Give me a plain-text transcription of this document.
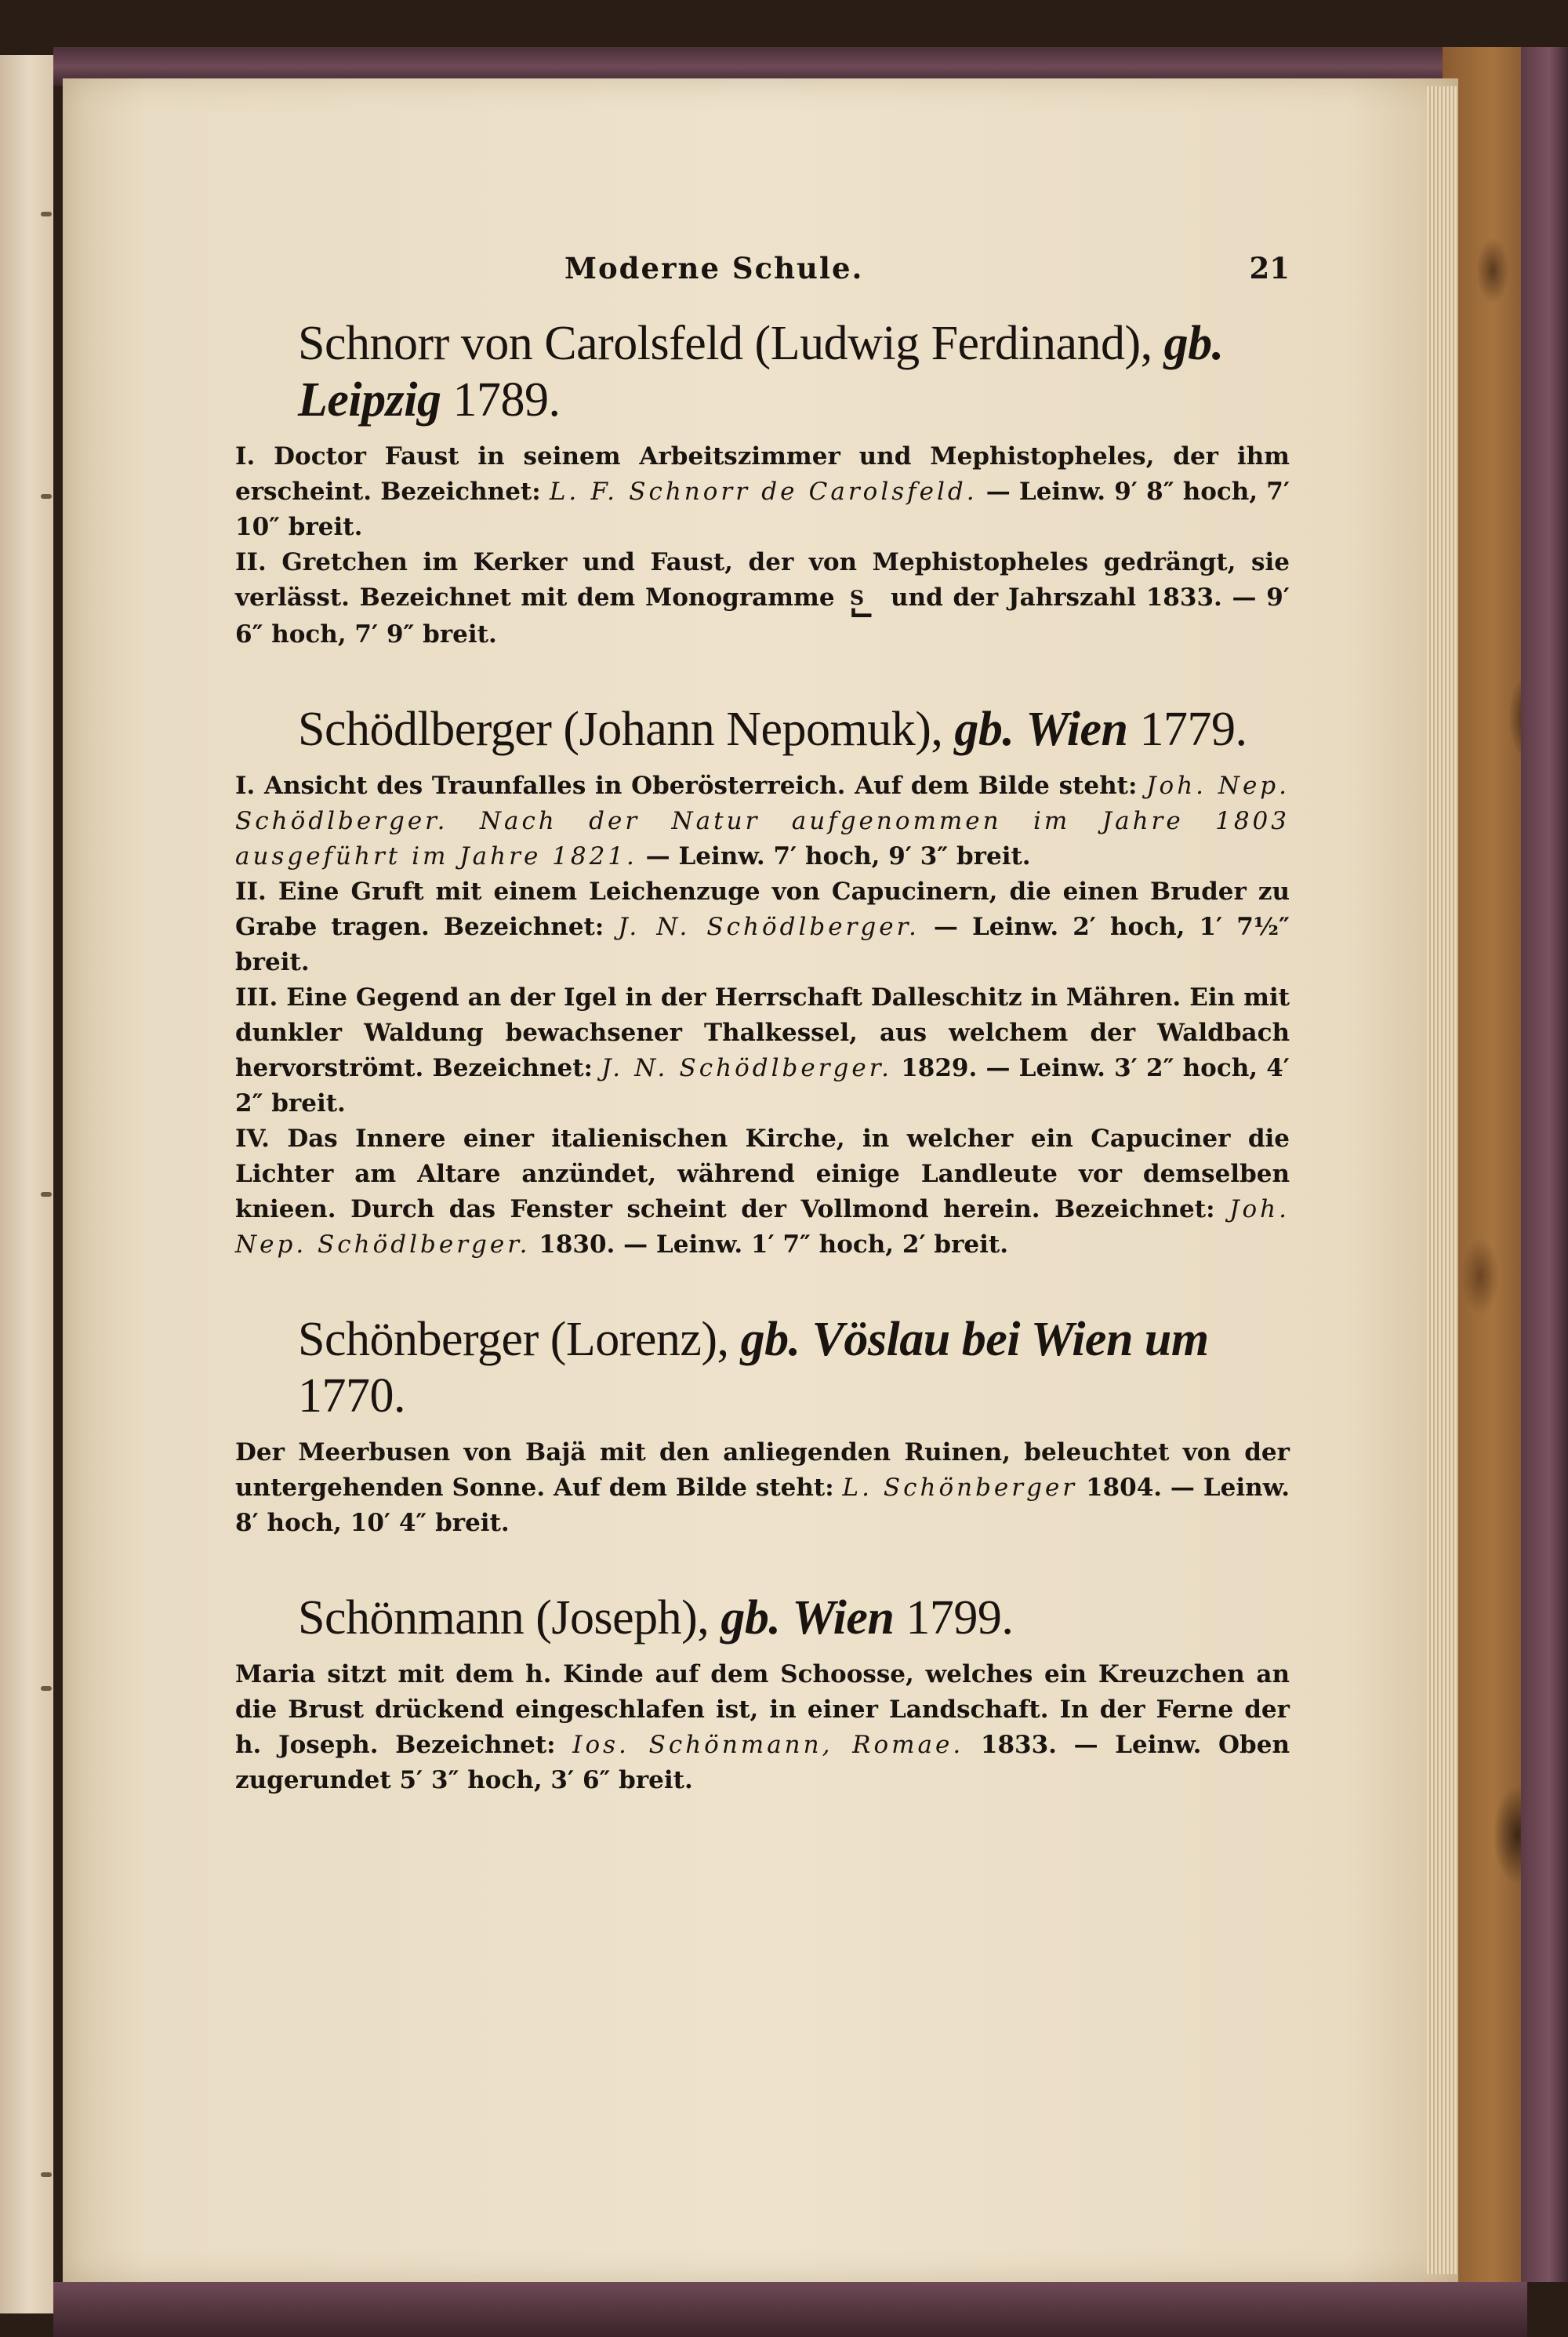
Moderne Schule.	21

Schnorr von Carolsfeld (Ludwig Ferdinand), gb.
Leipzig 1789.

I. Doctor Faust in seinem Arbeitszimmer und Mephistopheles, der ihm erscheint. Bezeichnet: L. F. Schnorr de Carolsfeld. — Leinw. 9′ 8″ hoch, 7′ 10″ breit.

II. Gretchen im Kerker und Faust, der von Mephistopheles gedrängt, sie verlässt. Bezeichnet mit dem Monogramme S und der Jahrszahl 1833. — 9′ 6″ hoch, 7′ 9″ breit.

Schödlberger (Johann Nepomuk), gb. Wien 1779.

I. Ansicht des Traunfalles in Oberösterreich. Auf dem Bilde steht: Joh. Nep. Schödlberger. Nach der Natur aufgenommen im Jahre 1803 ausgeführt im Jahre 1821. — Leinw. 7′ hoch, 9′ 3″ breit.

II. Eine Gruft mit einem Leichenzuge von Capucinern, die einen Bruder zu Grabe tragen. Bezeichnet: J. N. Schödlberger. — Leinw. 2′ hoch, 1′ 7½″ breit.

III. Eine Gegend an der Igel in der Herrschaft Dalleschitz in Mähren. Ein mit dunkler Waldung bewachsener Thalkessel, aus welchem der Waldbach hervorströmt. Bezeichnet: J. N. Schödlberger. 1829. — Leinw. 3′ 2″ hoch, 4′ 2″ breit.

IV. Das Innere einer italienischen Kirche, in welcher ein Capuciner die Lichter am Altare anzündet, während einige Landleute vor demselben knieen. Durch das Fenster scheint der Vollmond herein. Bezeichnet: Joh. Nep. Schödlberger. 1830. — Leinw. 1′ 7″ hoch, 2′ breit.

Schönberger (Lorenz), gb. Vöslau bei Wien um
1770.

Der Meerbusen von Bajä mit den anliegenden Ruinen, beleuchtet von der untergehenden Sonne. Auf dem Bilde steht: L. Schönberger 1804. — Leinw. 8′ hoch, 10′ 4″ breit.

Schönmann (Joseph), gb. Wien 1799.

Maria sitzt mit dem h. Kinde auf dem Schoosse, welches ein Kreuzchen an die Brust drückend eingeschlafen ist, in einer Landschaft. In der Ferne der h. Joseph. Bezeichnet: Ios. Schönmann, Romae. 1833. — Leinw. Oben zugerundet 5′ 3″ hoch, 3′ 6″ breit.
